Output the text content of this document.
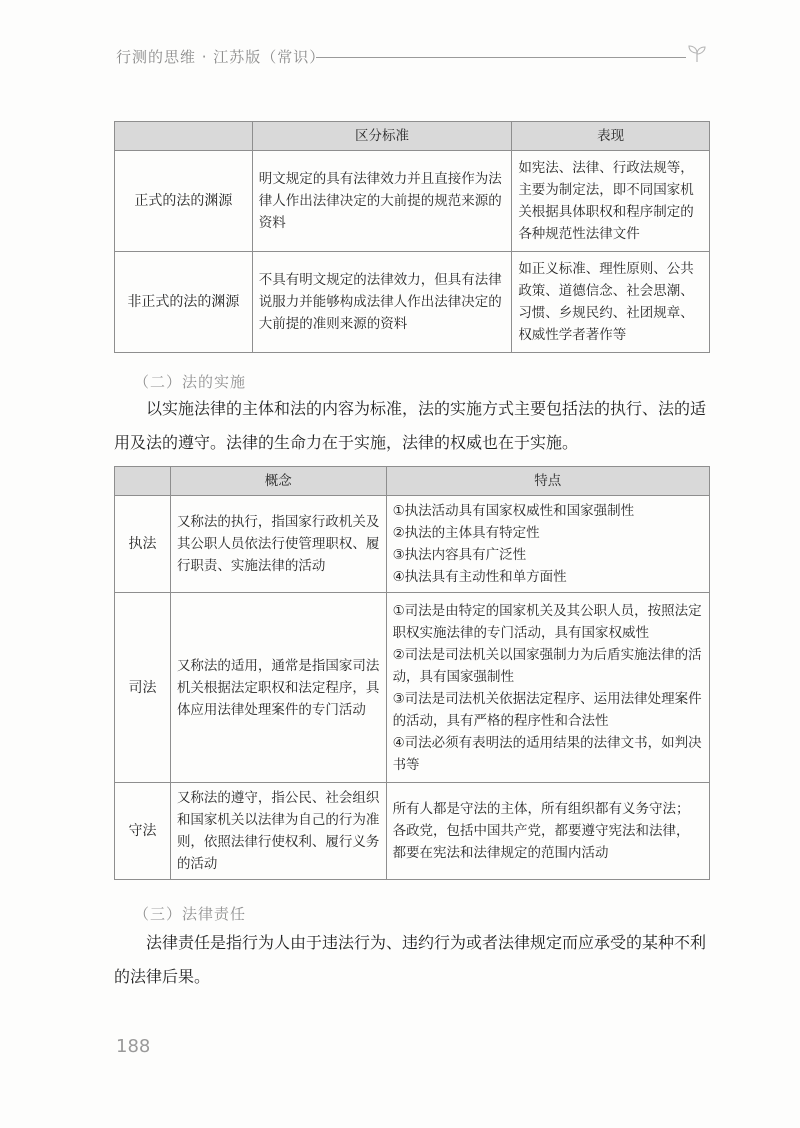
行测的思维 · 江苏版（常识）
	区分标准	表现
正式的法的渊源	明文规定的具有法律效力并且直接作为法律人作出法律决定的大前提的规范来源的资料	如宪法、法律、行政法规等，主要为制定法，即不同国家机关根据具体职权和程序制定的各种规范性法律文件
非正式的法的渊源	不具有明文规定的法律效力，但具有法律说服力并能够构成法律人作出法律决定的大前提的准则来源的资料	如正义标准、理性原则、公共政策、道德信念、社会思潮、习惯、乡规民约、社团规章、权威性学者著作等
（二）法的实施

以实施法律的主体和法的内容为标准，法的实施方式主要包括法的执行、法的适用及法的遵守。法律的生命力在于实施，法律的权威也在于实施。

	概念	特点
执法	又称法的执行，指国家行政机关及其公职人员依法行使管理职权、履行职责、实施法律的活动	①执法活动具有国家权威性和国家强制性
②执法的主体具有特定性
③执法内容具有广泛性
④执法具有主动性和单方面性

司法	又称法的适用，通常是指国家司法机关根据法定职权和法定程序，具体应用法律处理案件的专门活动	①司法是由特定的国家机关及其公职人员，按照法定职权实施法律的专门活动，具有国家权威性
②司法是司法机关以国家强制力为后盾实施法律的活动，具有国家强制性
③司法是司法机关依据法定程序、运用法律处理案件的活动，具有严格的程序性和合法性
④司法必须有表明法的适用结果的法律文书，如判决书等

守法	又称法的遵守，指公民、社会组织和国家机关以法律为自己的行为准则，依照法律行使权利、履行义务的活动	所有人都是守法的主体，所有组织都有义务守法；各政党，包括中国共产党，都要遵守宪法和法律，都要在宪法和法律规定的范围内活动
（三）法律责任

法律责任是指行为人由于违法行为、违约行为或者法律规定而应承受的某种不利的法律后果。

188
